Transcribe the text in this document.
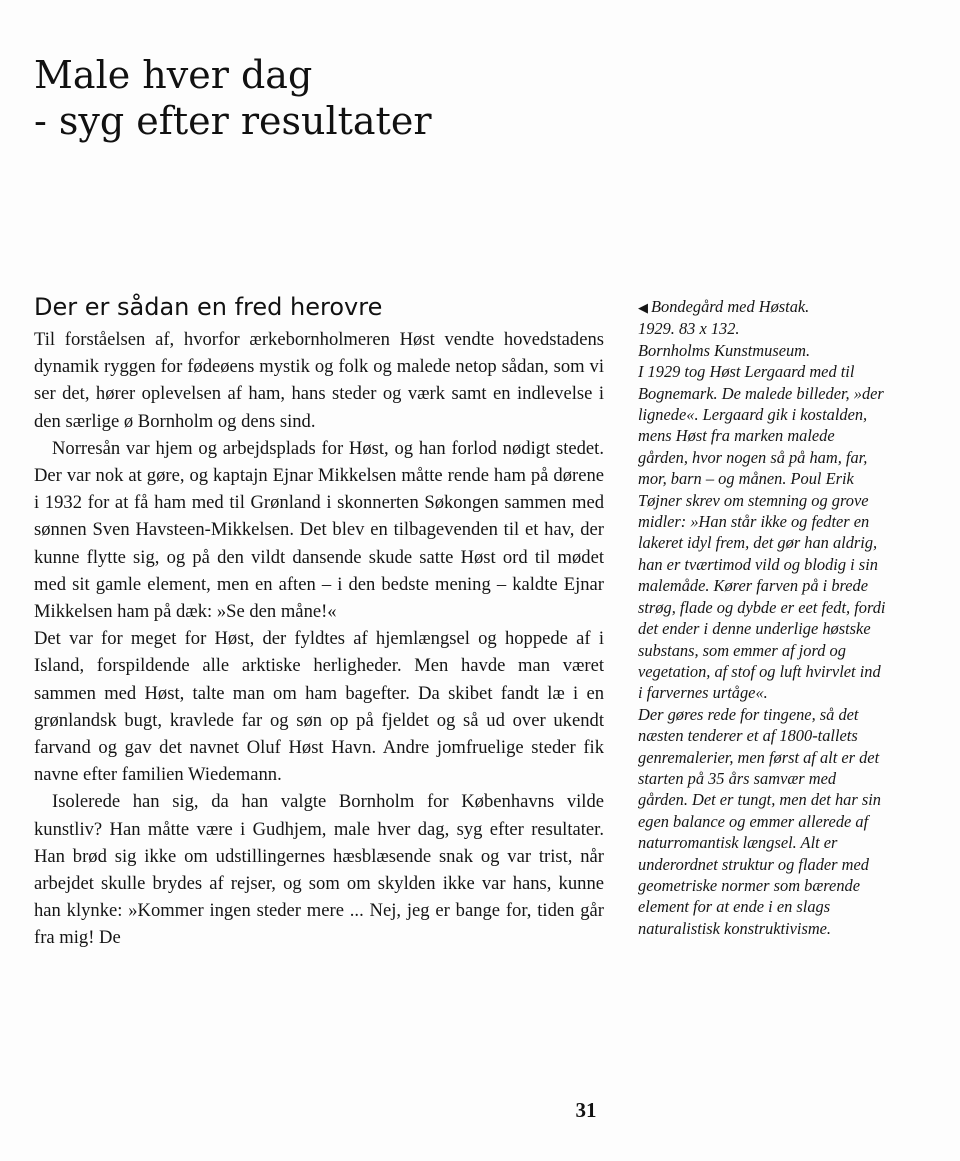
Male hver dag
- syg efter resultater
Der er sådan en fred herovre

Til forståelsen af, hvorfor ærkebornholmeren Høst vendte hovedstadens dynamik ryggen for fødeøens mystik og folk og malede netop sådan, som vi ser det, hører oplevelsen af ham, hans steder og værk samt en indlevelse i den særlige ø Bornholm og dens sind.

Norresån var hjem og arbejdsplads for Høst, og han forlod nødigt stedet. Der var nok at gøre, og kaptajn Ejnar Mikkelsen måtte rende ham på dørene i 1932 for at få ham med til Grønland i skonnerten Søkongen sammen med sønnen Sven Havsteen-Mikkelsen. Det blev en tilbagevenden til et hav, der kunne flytte sig, og på den vildt dansende skude satte Høst ord til mødet med sit gamle element, men en aften – i den bedste mening – kaldte Ejnar Mikkelsen ham på dæk: »Se den måne!«

Det var for meget for Høst, der fyldtes af hjemlængsel og hoppede af i Island, forspildende alle arktiske herligheder. Men havde man været sammen med Høst, talte man om ham bagefter. Da skibet fandt læ i en grønlandsk bugt, kravlede far og søn op på fjeldet og så ud over ukendt farvand og gav det navnet Oluf Høst Havn. Andre jomfruelige steder fik navne efter familien Wiedemann.

Isolerede han sig, da han valgte Bornholm for Københavns vilde kunstliv? Han måtte være i Gudhjem, male hver dag, syg efter resultater. Han brød sig ikke om udstillingernes hæsblæsende snak og var trist, når arbejdet skulle brydes af rejser, og som om skylden ikke var hans, kunne han klynke: »Kommer ingen steder mere ... Nej, jeg er bange for, tiden går fra mig! De

◀ Bondegård med Høstak.

1929. 83 x 132.

Bornholms Kunstmuseum.

I 1929 tog Høst Lergaard med til Bognemark. De malede billeder, »der lignede«. Lergaard gik i kostalden, mens Høst fra marken malede gården, hvor nogen så på ham, far, mor, barn – og månen. Poul Erik Tøjner skrev om stemning og grove midler: »Han står ikke og fedter en lakeret idyl frem, det gør han aldrig, han er tværtimod vild og blodig i sin malemåde. Kører farven på i brede strøg, flade og dybde er eet fedt, fordi det ender i denne underlige høstske substans, som emmer af jord og vegetation, af stof og luft hvirvlet ind i farvernes urtåge«.

Der gøres rede for tingene, så det næsten tenderer et af 1800-tallets genremalerier, men først af alt er det starten på 35 års samvær med gården. Det er tungt, men det har sin egen balance og emmer allerede af naturromantisk længsel. Alt er underordnet struktur og flader med geometriske normer som bærende element for at ende i en slags naturalistisk konstruktivisme.

31
